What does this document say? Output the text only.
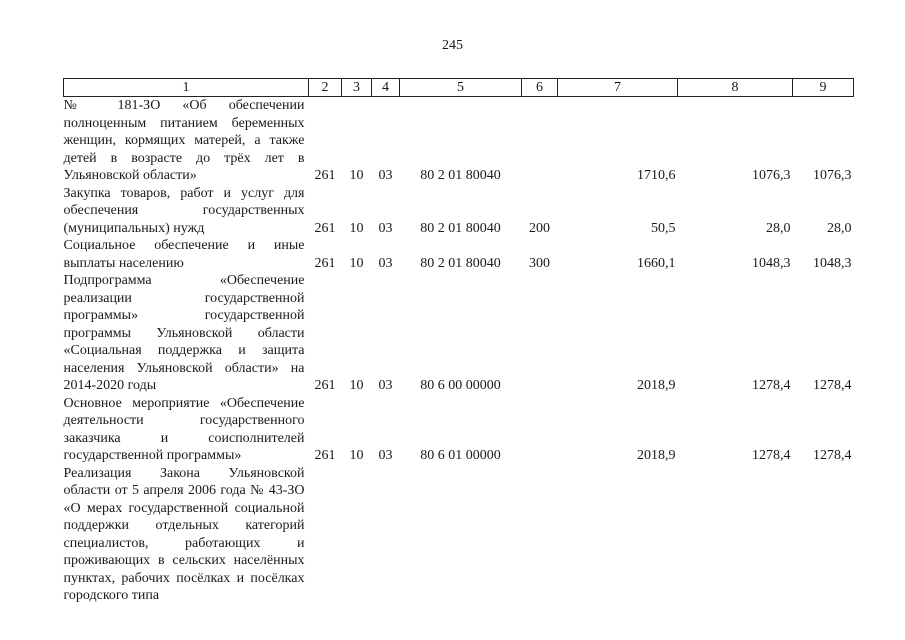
245
1	2	3	4	5	6	7	8	9
№ 181-ЗО «Об обеспечении полноценным питанием беременных женщин, кормящих матерей, а также детей в возрасте до трёх лет в Ульяновской области»	261	10	03	80 2 01 80040		1710,6	1076,3	1076,3
Закупка товаров, работ и услуг для обеспечения государственных (муниципальных) нужд	261	10	03	80 2 01 80040	200	50,5	28,0	28,0
Социальное обеспечение и иные выплаты населению	261	10	03	80 2 01 80040	300	1660,1	1048,3	1048,3
Подпрограмма «Обеспечение реализации государственной программы» государственной программы Ульяновской области «Социальная поддержка и защита населения Ульяновской области» на 2014-2020 годы	261	10	03	80 6 00 00000		2018,9	1278,4	1278,4
Основное мероприятие «Обеспечение деятельности государственного заказчика и соисполнителей государственной программы»	261	10	03	80 6 01 00000		2018,9	1278,4	1278,4
Реализация Закона Ульяновской области от 5 апреля 2006 года № 43-ЗО «О мерах государственной социальной поддержки отдельных категорий специалистов, работающих и проживающих в сельских населённых пунктах, рабочих посёлках и посёлках городского типа								
